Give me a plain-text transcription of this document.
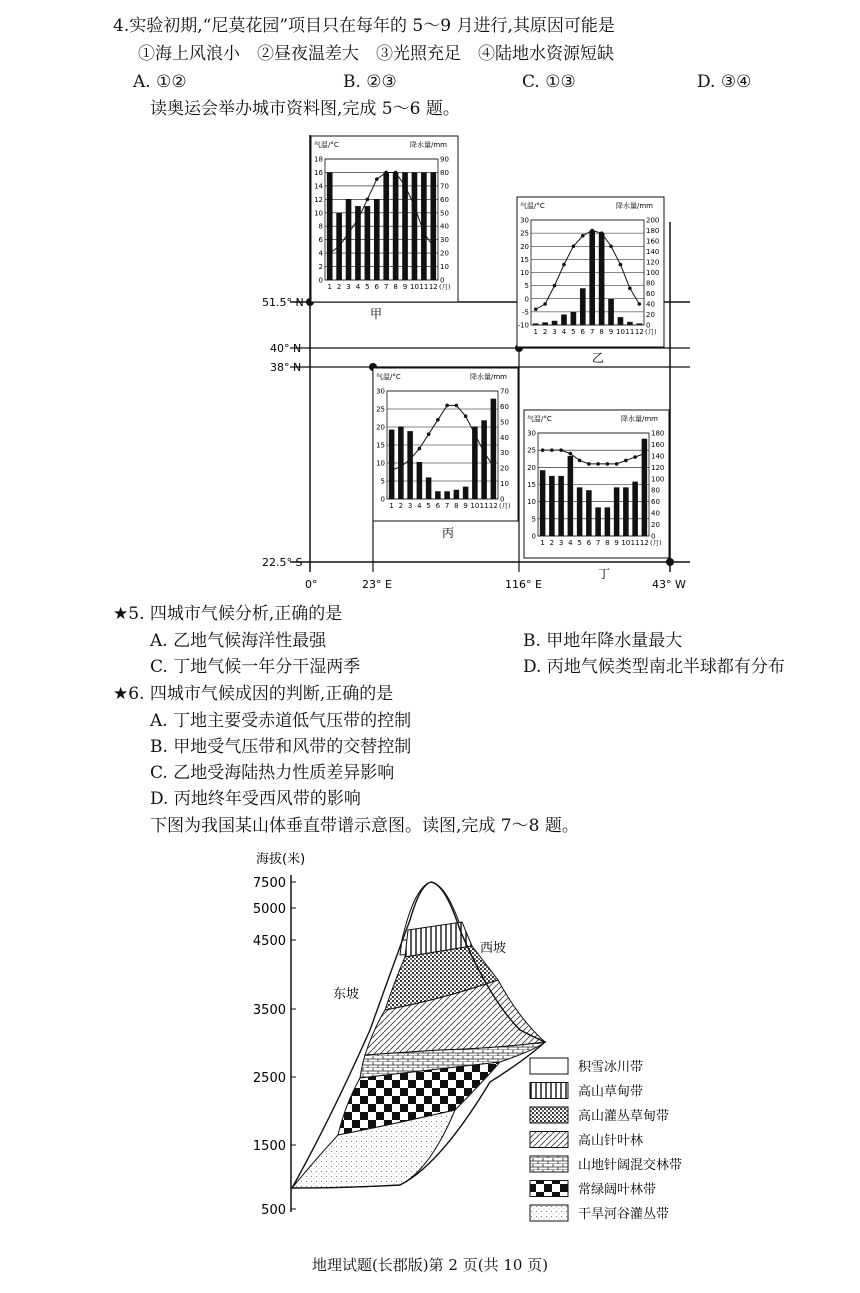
4.实验初期,“尼莫花园”项目只在每年的 5～9 月进行,其原因可能是
①海上风浪小　②昼夜温差大　③光照充足　④陆地水资源短缺
A. ①②	B. ②③	C. ①③	D. ③④
读奥运会举办城市资料图,完成 5～6 题。
51.5° N
40° N
38° N
22.5° S
0°	23° E	116° E	43° W
甲
乙
丙
丁
气温/°C	降水量/mm
0
2
4
6
8
10
12
14
16
18
0
10
20
30
40
50
60
70
80
90
1 2 3 4 5 6 7 8 9 10 11 12 (月)
气温/°C	降水量/mm
-10
-5
0
5
10
15
20
25
30
0
20
40
60
80
100
120
140
160
180
200
1 2 3 4 5 6 7 8 9 10 11 12 (月)
气温/°C	降水量/mm
0
5
10
15
20
25
30
0
10
20
30
40
50
60
70
1 2 3 4 5 6 7 8 9 10 11 12 (月)
气温/°C	降水量/mm
0
5
10
15
20
25
30
0
20
40
60
80
100
120
140
160
180
1 2 3 4 5 6 7 8 9 10 11 12 (月)
★5. 四城市气候分析,正确的是
A. 乙地气候海洋性最强	B. 甲地年降水量最大
C. 丁地气候一年分干湿两季	D. 丙地气候类型南北半球都有分布
★6. 四城市气候成因的判断,正确的是
A. 丁地主要受赤道低气压带的控制
B. 甲地受气压带和风带的交替控制
C. 乙地受海陆热力性质差异影响
D. 丙地终年受西风带的影响
下图为我国某山体垂直带谱示意图。读图,完成 7～8 题。
海拔(米)
7500
5000
4500
3500
2500
1500
500
东坡
西坡
积雪冰川带
高山草甸带
高山灌丛草甸带
高山针叶林
山地针阔混交林带
常绿阔叶林带
干旱河谷灌丛带
地理试题(长郡版)第 2 页(共 10 页)
